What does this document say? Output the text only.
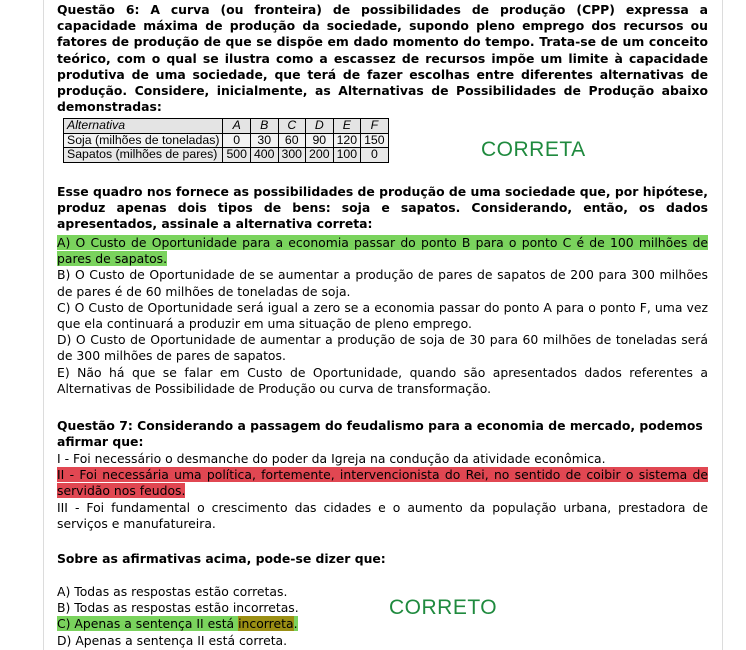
Questão 6: A curva (ou fronteira) de possibilidades de produção (CPP) expressa a capacidade máxima de produção da sociedade, supondo pleno emprego dos recursos ou fatores de produção de que se dispõe em dado momento do tempo. Trata-se de um conceito teórico, com o qual se ilustra como a escassez de recursos impõe um limite à capacidade produtiva de uma sociedade, que terá de fazer escolhas entre diferentes alternativas de produção. Considere, inicialmente, as Alternativas de Possibilidades de Produção abaixo demonstradas:
Alternativa	A	B	C	D	E	F
Soja (milhões de toneladas)	0	30	60	90	120	150
Sapatos (milhões de pares)	500	400	300	200	100	0	CORRETA
Esse quadro nos fornece as possibilidades de produção de uma sociedade que, por hipótese, produz apenas dois tipos de bens: soja e sapatos. Considerando, então, os dados apresentados, assinale a alternativa correta:
A) O Custo de Oportunidade para a economia passar do ponto B para o ponto C é de 100 milhões de pares de sapatos.
B) O Custo de Oportunidade de se aumentar a produção de pares de sapatos de 200 para 300 milhões de pares é de 60 milhões de toneladas de soja.
C) O Custo de Oportunidade será igual a zero se a economia passar do ponto A para o ponto F, uma vez que ela continuará a produzir em uma situação de pleno emprego.
D) O Custo de Oportunidade de aumentar a produção de soja de 30 para 60 milhões de toneladas será de 300 milhões de pares de sapatos.
E) Não há que se falar em Custo de Oportunidade, quando são apresentados dados referentes a Alternativas de Possibilidade de Produção ou curva de transformação.
Questão 7: Considerando a passagem do feudalismo para a economia de mercado, podemos afirmar que:
I - Foi necessário o desmanche do poder da Igreja na condução da atividade econômica.
II - Foi necessária uma política, fortemente, intervencionista do Rei, no sentido de coibir o sistema de servidão nos feudos.
III - Foi fundamental o crescimento das cidades e o aumento da população urbana, prestadora de serviços e manufatureira.
Sobre as afirmativas acima, pode-se dizer que:
A) Todas as respostas estão corretas.
B) Todas as respostas estão incorretas.
C) Apenas a sentença II está incorreta.
D) Apenas a sentença II está correta.
CORRETO
